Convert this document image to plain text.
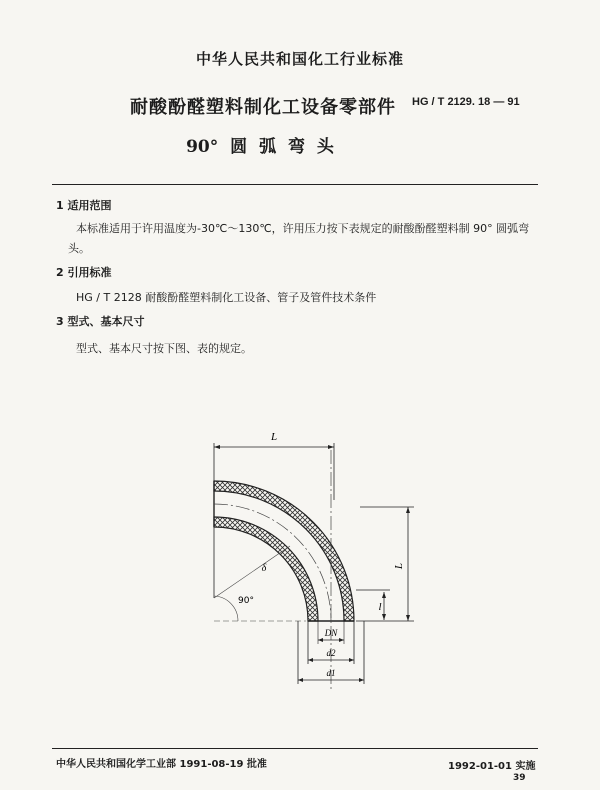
中华人民共和国化工行业标准
耐酸酚醛塑料制化工设备零部件 HG / T 2129. 18 — 91
90° 圆 弧 弯 头
1 适用范围
本标准适用于许用温度为-30℃～130℃，许用压力按下表规定的耐酸酚醛塑料制 90° 圆弧弯头。
2 引用标准
HG / T 2128 耐酸酚醛塑料制化工设备、管子及管件技术条件
3 型式、基本尺寸
型式、基本尺寸按下图、表的规定。
L
L
l
90°
δ
DN
d2
d1
中华人民共和国化学工业部 1991-08-19 批准	1992-01-01 实施
39
